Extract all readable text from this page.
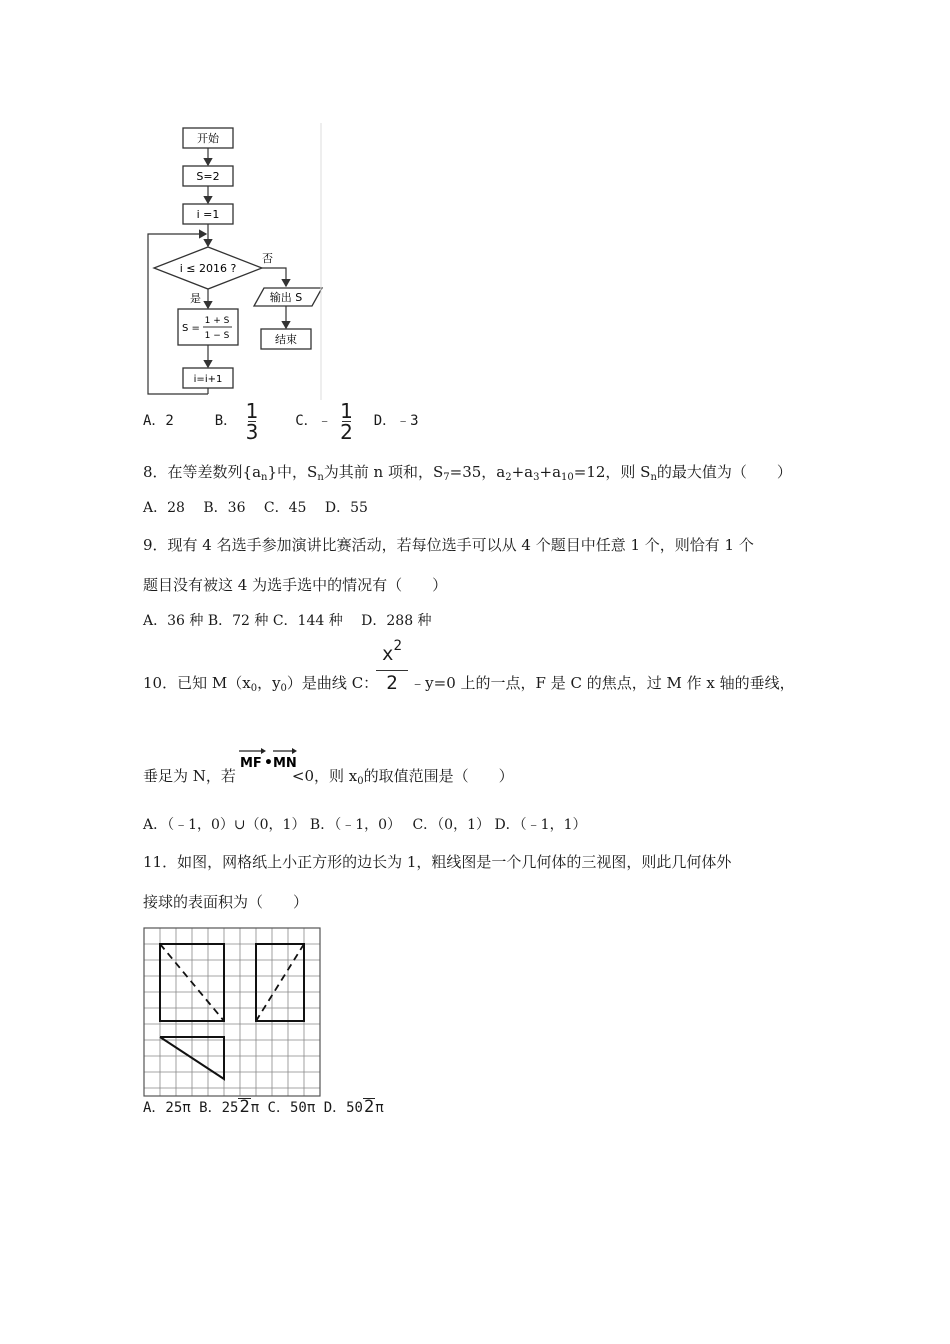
开始
S=2
i =1
i ≤ 2016 ?
否
输出 S
结束
是
S =
1 + S
1 − S
i=i+1
A．2	B． $\frac{1}{3}$	C．﹣ $\frac{1}{2}$ D．﹣3
8．在等差数列$\{a_n\}$中，$S_n$为其前 n 项和，$S_7=35$，$a_2+a_3+a_{10}=12$，则 $S_n$的最大值为（　　）
A．28　 B．36　 C．45　 D．55
9．现有 4 名选手参加演讲比赛活动，若每位选手可以从 4 个题目中任意 1 个，则恰有 1 个
题目没有被这 4 为选手选中的情况有（　　）
A．36 种 B．72 种 C．144 种　 D．288 种
10．已知 $M(x_0$，$y_0$）是曲线 C： ﹣y=0 上的一点，F 是 C 的焦点，过 M 作 x 轴的垂线，
$x^2$
2
垂足为 N，若	<0，则 $x_0$的取值范围是（　　）
MF • MN
A．（﹣1，0）∪（0，1） B．（﹣1，0）　 C．（0，1） D．（﹣1，1）
11．如图，网格纸上小正方形的边长为 1，粗线图是一个几何体的三视图，则此几何体外
接球的表面积为（　　）
A．25π B．252π C．50π D．502π
